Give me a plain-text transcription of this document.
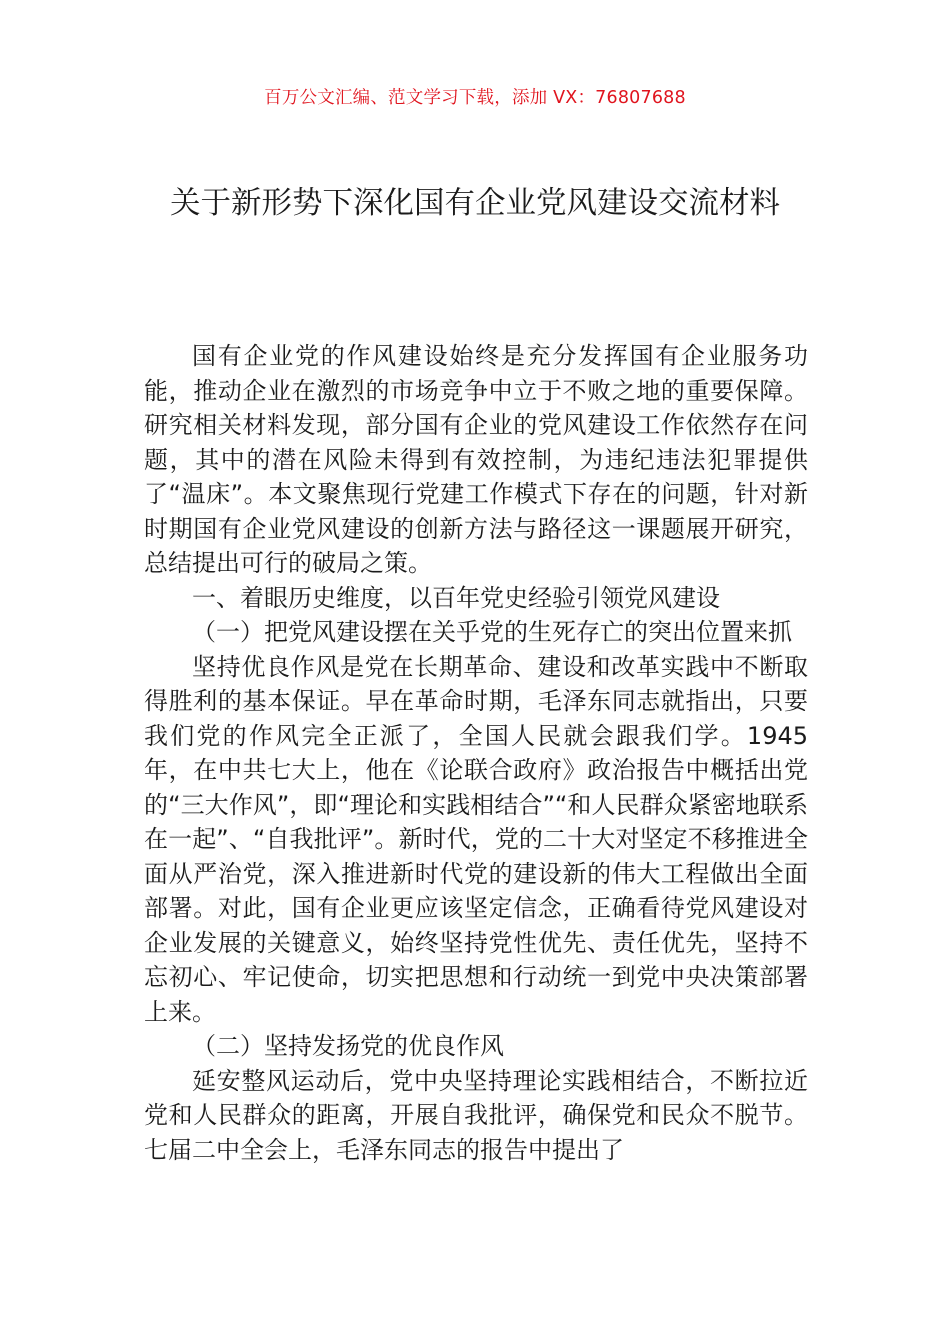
百万公文汇编、范文学习下载，添加 VX：76807688
关于新形势下深化国有企业党风建设交流材料

国有企业党的作风建设始终是充分发挥国有企业服务功能，推动企业在激烈的市场竞争中立于不败之地的重要保障。研究相关材料发现，部分国有企业的党风建设工作依然存在问题，其中的潜在风险未得到有效控制，为违纪违法犯罪提供了“温床”。本文聚焦现行党建工作模式下存在的问题，针对新时期国有企业党风建设的创新方法与路径这一课题展开研究，总结提出可行的破局之策。

一、着眼历史维度，以百年党史经验引领党风建设

（一）把党风建设摆在关乎党的生死存亡的突出位置来抓

坚持优良作风是党在长期革命、建设和改革实践中不断取得胜利的基本保证。早在革命时期，毛泽东同志就指出，只要我们党的作风完全正派了，全国人民就会跟我们学。1945 年，在中共七大上，他在《论联合政府》政治报告中概括出党的“三大作风”，即“理论和实践相结合”“和人民群众紧密地联系在一起”、“自我批评”。新时代，党的二十大对坚定不移推进全面从严治党，深入推进新时代党的建设新的伟大工程做出全面部署。对此，国有企业更应该坚定信念，正确看待党风建设对企业发展的关键意义，始终坚持党性优先、责任优先，坚持不忘初心、牢记使命，切实把思想和行动统一到党中央决策部署上来。

（二）坚持发扬党的优良作风

延安整风运动后，党中央坚持理论实践相结合，不断拉近党和人民群众的距离，开展自我批评，确保党和民众不脱节。七届二中全会上，毛泽东同志的报告中提出了
